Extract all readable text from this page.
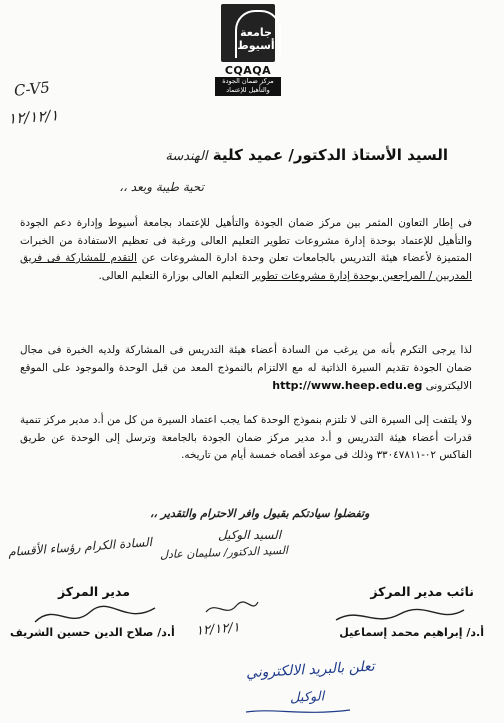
جامعة أسيوط
CQAQA
مركز ضمان الجودة والتأهيل للإعتماد
C-V5
١٢/١٢/١
السيد الأستاذ الدكتور/ عميد كلية الهندسة
تحية طيبة وبعد ،،
فى إطار التعاون المثمر بين مركز ضمان الجودة والتأهيل للإعتماد بجامعة أسيوط وإدارة دعم الجودة والتأهيل للإعتماد بوحدة إدارة مشروعات تطوير التعليم العالى ورغبة فى تعظيم الاستفادة من الخبرات المتميزة لأعضاء هيئة التدريس بالجامعات تعلن وحدة ادارة المشروعات عن التقدم للمشاركة فى فريق المدربين / المراجعين بوحدة إدارة مشروعات تطوير التعليم العالى بوزارة التعليم العالى.
لذا يرجى التكرم بأنه من يرغب من السادة أعضاء هيئة التدريس فى المشاركة ولديه الخبرة فى مجال ضمان الجودة تقديم السيرة الذاتية له مع الالتزام بالنموذج المعد من قبل الوحدة والموجود على الموقع الاليكترونى http://www.heep.edu.eg
ولا يلتفت إلى السيرة التى لا تلتزم بنموذج الوحدة كما يجب اعتماد السيرة من كل من أ.د مدير مركز تنمية قدرات أعضاء هيئة التدريس و أ.د مدير مركز ضمان الجودة بالجامعة وترسل إلى الوحدة عن طريق الفاكس ٠٢-٣٣٠٤٧٨١١ وذلك فى موعد أقصاه خمسة أيام من تاريخه.
وتفضلوا سيادتكم بقبول وافر الاحترام والتقدير ،،
السيد الوكيل
السيد الدكتور/ سليمان عادل
السادة الكرام رؤساء الأقسام
نائب مدير المركز
مدير المركز
١٢/١٢/١	أ.د/ إبراهيم محمد إسماعيل
أ.د/ صلاح الدين حسين الشريف
تعلن بالبريد الالكتروني
الوكيل
